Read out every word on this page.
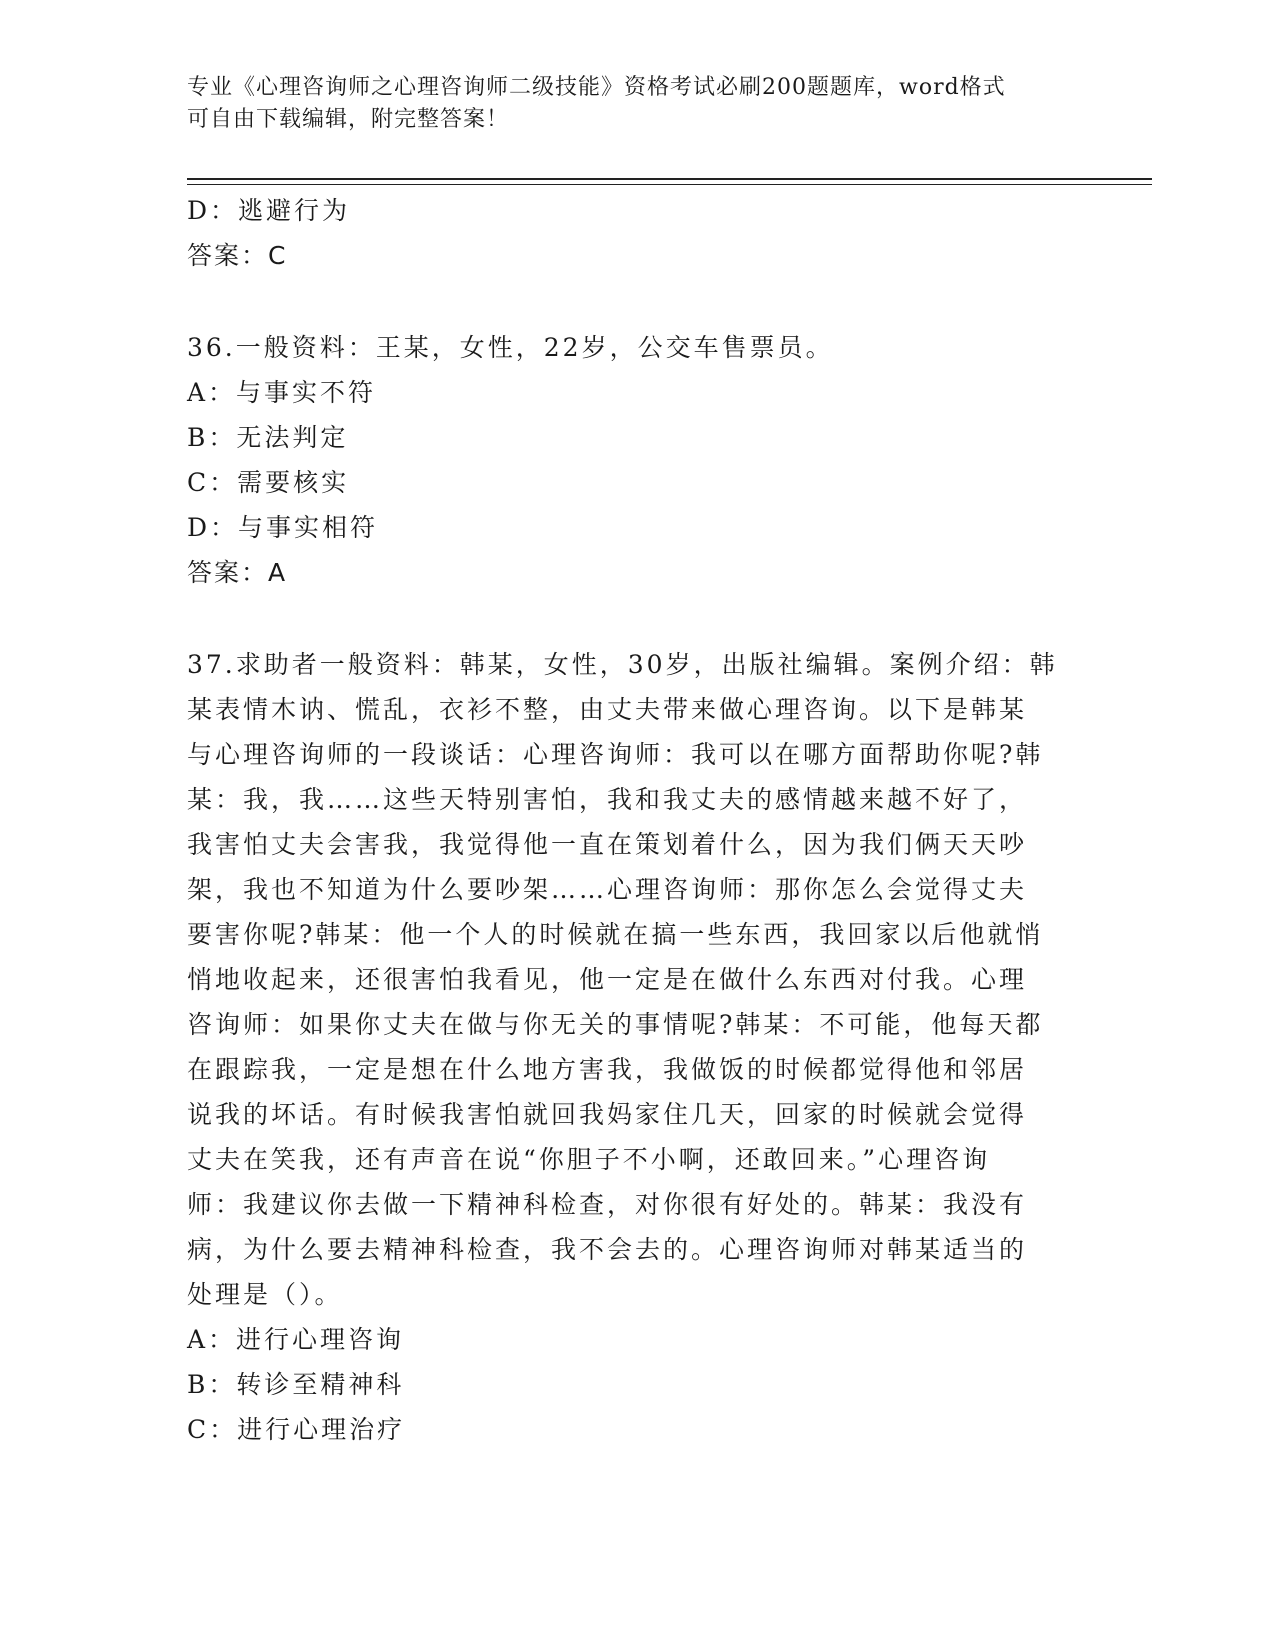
专业《心理咨询师之心理咨询师二级技能》资格考试必刷200题题库，word格式
可自由下载编辑，附完整答案！
D：逃避行为
答案：C
36.一般资料：王某，女性，22岁，公交车售票员。
A：与事实不符
B：无法判定
C：需要核实
D：与事实相符
答案：A
37.求助者一般资料：韩某，女性，30岁，出版社编辑。案例介绍：韩
某表情木讷、慌乱，衣衫不整，由丈夫带来做心理咨询。以下是韩某
与心理咨询师的一段谈话：心理咨询师：我可以在哪方面帮助你呢?韩
某：我，我……这些天特别害怕，我和我丈夫的感情越来越不好了，
我害怕丈夫会害我，我觉得他一直在策划着什么，因为我们俩天天吵
架，我也不知道为什么要吵架……心理咨询师：那你怎么会觉得丈夫
要害你呢?韩某：他一个人的时候就在搞一些东西，我回家以后他就悄
悄地收起来，还很害怕我看见，他一定是在做什么东西对付我。心理
咨询师：如果你丈夫在做与你无关的事情呢?韩某：不可能，他每天都
在跟踪我，一定是想在什么地方害我，我做饭的时候都觉得他和邻居
说我的坏话。有时候我害怕就回我妈家住几天，回家的时候就会觉得
丈夫在笑我，还有声音在说“你胆子不小啊，还敢回来。”心理咨询
师：我建议你去做一下精神科检查，对你很有好处的。韩某：我没有
病，为什么要去精神科检查，我不会去的。心理咨询师对韩某适当的
处理是（）。
A：进行心理咨询
B：转诊至精神科
C：进行心理治疗
